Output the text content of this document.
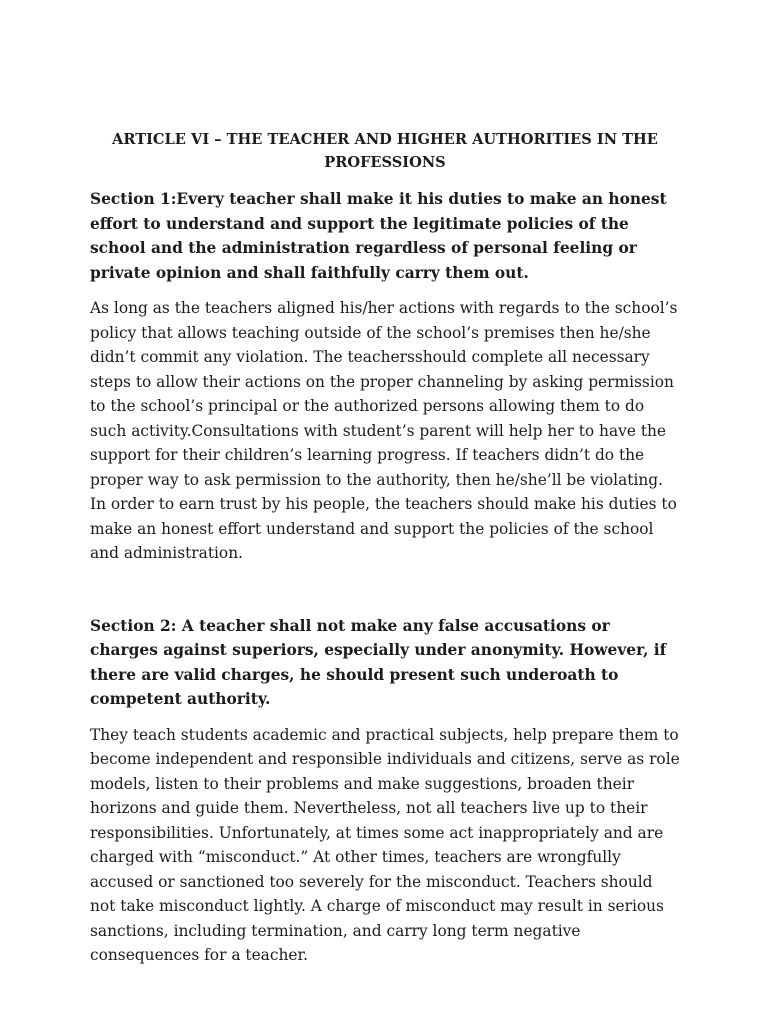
ARTICLE VI – THE TEACHER AND HIGHER AUTHORITIES IN THE PROFESSIONS

Section 1:Every teacher shall make it his duties to make an honest effort to understand and support the legitimate policies of the school and the administration regardless of personal feeling or private opinion and shall faithfully carry them out.

As long as the teachers aligned his/her actions with regards to the school’s policy that allows teaching outside of the school’s premises then he/she didn’t commit any violation. The teachersshould complete all necessary steps to allow their actions on the proper channeling by asking permission to the school’s principal or the authorized persons allowing them to do such activity.Consultations with student’s parent will help her to have the support for their children’s learning progress. If teachers didn’t do the proper way to ask permission to the authority, then he/she’ll be violating. In order to earn trust by his people, the teachers should make his duties to make an honest effort understand and support the policies of the school and administration.

Section 2: A teacher shall not make any false accusations or charges against superiors, especially under anonymity. However, if there are valid charges, he should present such underoath to competent authority.

They teach students academic and practical subjects, help prepare them to become independent and responsible individuals and citizens, serve as role models, listen to their problems and make suggestions, broaden their horizons and guide them. Nevertheless, not all teachers live up to their responsibilities. Unfortunately, at times some act inappropriately and are charged with “misconduct.” At other times, teachers are wrongfully accused or sanctioned too severely for the misconduct. Teachers should not take misconduct lightly. A charge of misconduct may result in serious sanctions, including termination, and carry long term negative consequences for a teacher.
